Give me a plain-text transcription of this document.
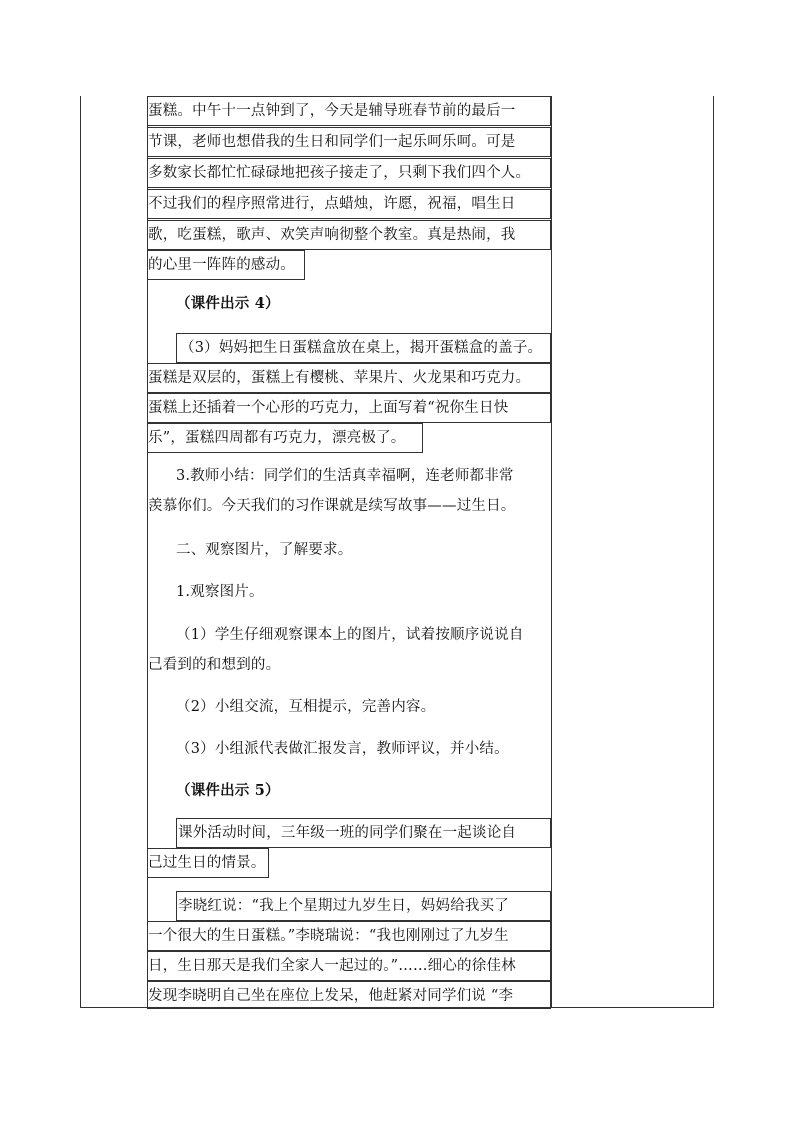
蛋糕。中午十一点钟到了，今天是辅导班春节前的最后一
节课，老师也想借我的生日和同学们一起乐呵乐呵。可是
多数家长都忙忙碌碌地把孩子接走了，只剩下我们四个人。
不过我们的程序照常进行，点蜡烛，许愿，祝福，唱生日
歌，吃蛋糕，歌声、欢笑声响彻整个教室。真是热闹，我
的心里一阵阵的感动。
（课件出示 4）
（3）妈妈把生日蛋糕盒放在桌上，揭开蛋糕盒的盖子。
蛋糕是双层的，蛋糕上有樱桃、苹果片、火龙果和巧克力。
蛋糕上还插着一个心形的巧克力，上面写着“祝你生日快
乐”，蛋糕四周都有巧克力，漂亮极了。
3.教师小结：同学们的生活真幸福啊，连老师都非常
羡慕你们。今天我们的习作课就是续写故事——过生日。
二、观察图片，了解要求。
1.观察图片。
（1）学生仔细观察课本上的图片，试着按顺序说说自
己看到的和想到的。
（2）小组交流，互相提示，完善内容。
（3）小组派代表做汇报发言，教师评议，并小结。
（课件出示 5）
课外活动时间，三年级一班的同学们聚在一起谈论自
己过生日的情景。
李晓红说：“我上个星期过九岁生日，妈妈给我买了
一个很大的生日蛋糕。”李晓瑞说：“我也刚刚过了九岁生
日，生日那天是我们全家人一起过的。”……细心的徐佳林
发现李晓明自己坐在座位上发呆，他赶紧对同学们说 “李
